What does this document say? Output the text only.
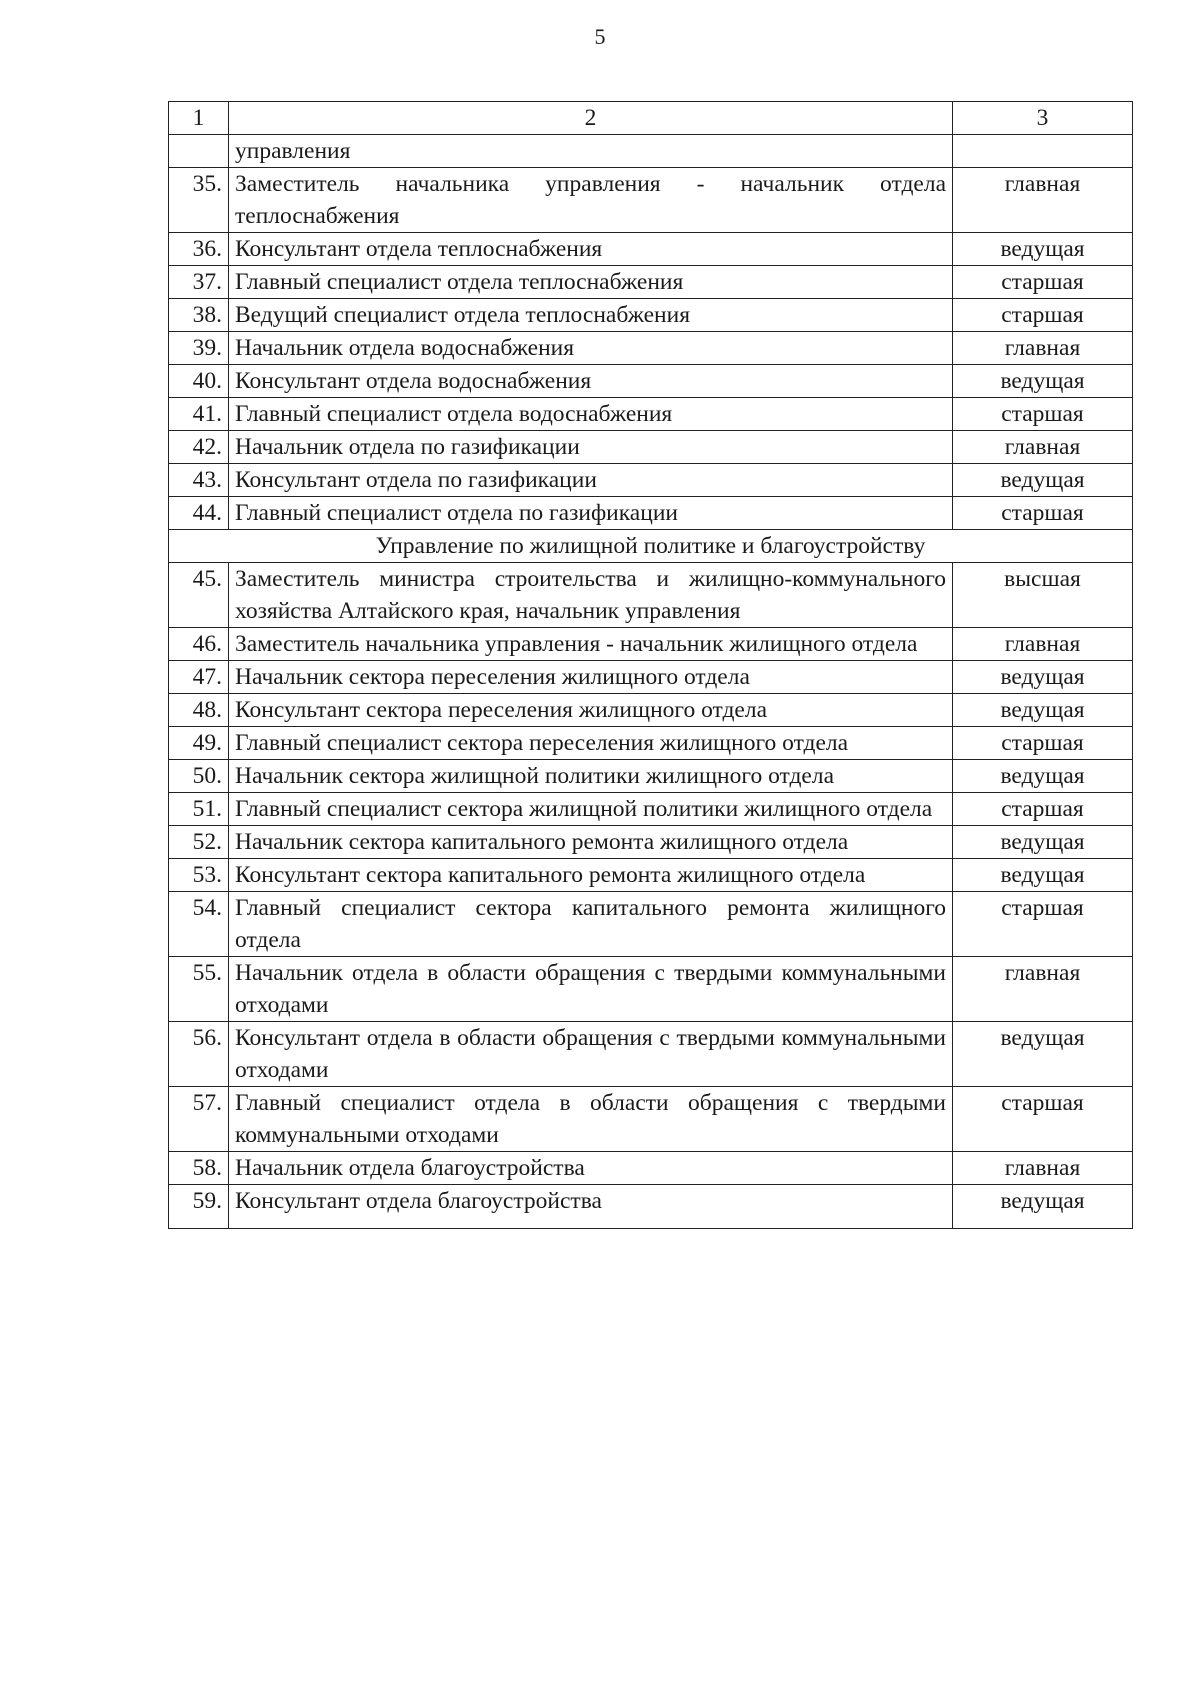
5
1	2	3
	управления	
35.	Заместитель начальника управления - начальник отдела теплоснабжения	главная
36.	Консультант отдела теплоснабжения	ведущая
37.	Главный специалист отдела теплоснабжения	старшая
38.	Ведущий специалист отдела теплоснабжения	старшая
39.	Начальник отдела водоснабжения	главная
40.	Консультант отдела водоснабжения	ведущая
41.	Главный специалист отдела водоснабжения	старшая
42.	Начальник отдела по газификации	главная
43.	Консультант отдела по газификации	ведущая
44.	Главный специалист отдела по газификации	старшая
Управление по жилищной политике и благоустройству		
45.	Заместитель министра строительства и жилищно-коммунального хозяйства Алтайского края, начальник управления	высшая
46.	Заместитель начальника управления - начальник жилищного отдела	главная
47.	Начальник сектора переселения жилищного отдела	ведущая
48.	Консультант сектора переселения жилищного отдела	ведущая
49.	Главный специалист сектора переселения жилищного отдела	старшая
50.	Начальник сектора жилищной политики жилищного отдела	ведущая
51.	Главный специалист сектора жилищной политики жилищного отдела	старшая
52.	Начальник сектора капитального ремонта жилищного отдела	ведущая
53.	Консультант сектора капитального ремонта жилищного отдела	ведущая
54.	Главный специалист сектора капитального ремонта жилищного отдела	старшая
55.	Начальник отдела в области обращения с твердыми коммунальными отходами	главная
56.	Консультант отдела в области обращения с твердыми коммунальными отходами	ведущая
57.	Главный специалист отдела в области обращения с твердыми коммунальными отходами	старшая
58.	Начальник отдела благоустройства	главная
59.	Консультант отдела благоустройства	ведущая
